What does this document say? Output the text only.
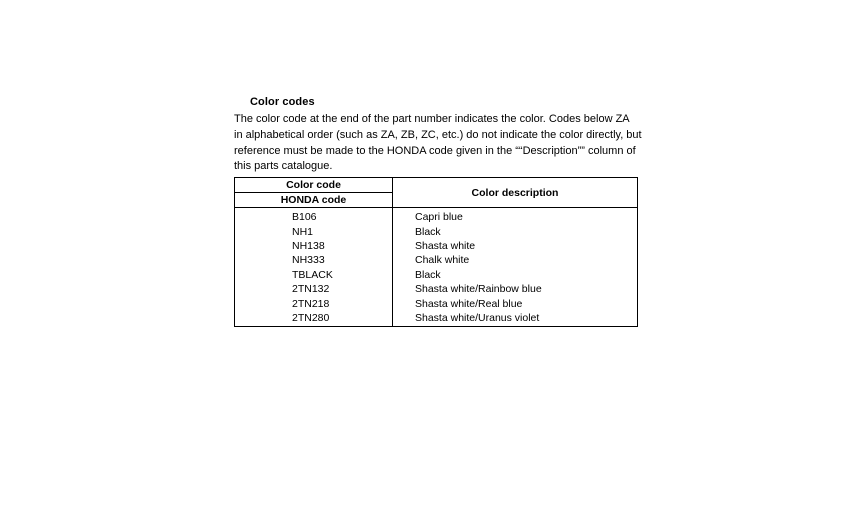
Color codes
The color code at the end of the part number indicates the color. Codes below ZA
in alphabetical order (such as ZA, ZB, ZC, etc.) do not indicate the color directly, but
reference must be made to the HONDA code given in the ““Description”” column of
this parts catalogue.
Color code	Color description
HONDA code	
B106	Capri blue
NH1	Black
NH138	Shasta white
NH333	Chalk white
TBLACK	Black
2TN132	Shasta white/Rainbow blue
2TN218	Shasta white/Real blue
2TN280	Shasta white/Uranus violet
